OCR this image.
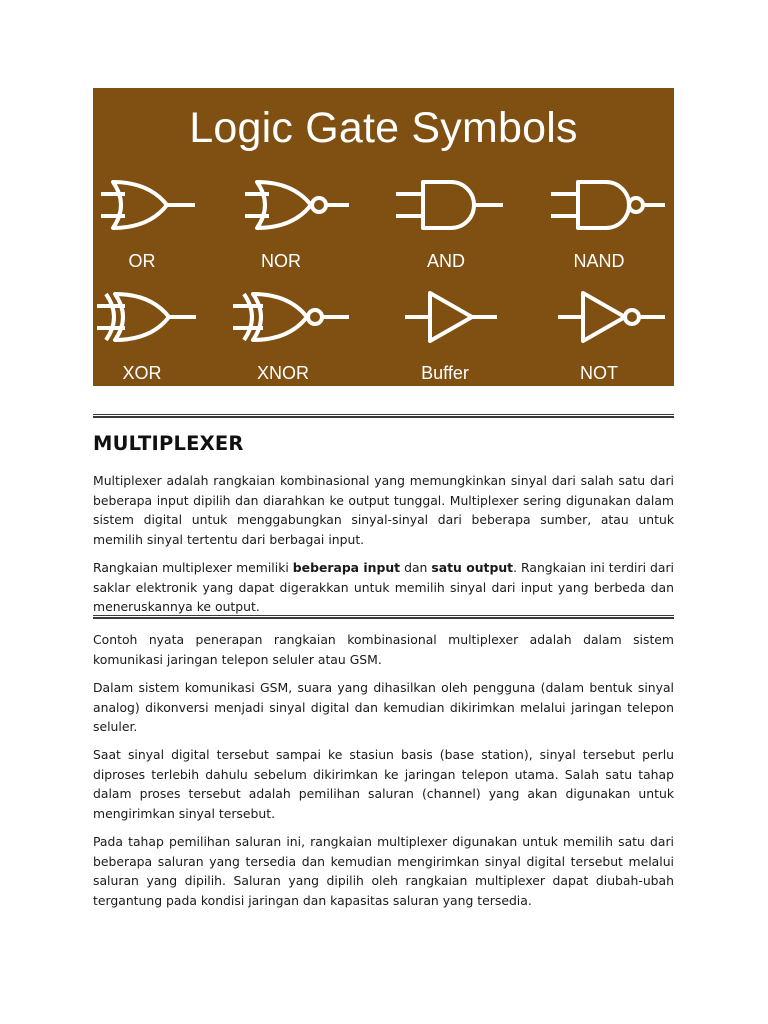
Logic Gate Symbols
OR	NOR	AND	NAND
XOR	XNOR	Buffer	NOT
MULTIPLEXER

Multiplexer adalah rangkaian kombinasional yang memungkinkan sinyal dari salah satu dari beberapa input dipilih dan diarahkan ke output tunggal. Multiplexer sering digunakan dalam sistem digital untuk menggabungkan sinyal-sinyal dari beberapa sumber, atau untuk memilih sinyal tertentu dari berbagai input.

Rangkaian multiplexer memiliki beberapa input dan satu output. Rangkaian ini terdiri dari saklar elektronik yang dapat digerakkan untuk memilih sinyal dari input yang berbeda dan meneruskannya ke output.

Contoh nyata penerapan rangkaian kombinasional multiplexer adalah dalam sistem komunikasi jaringan telepon seluler atau GSM.

Dalam sistem komunikasi GSM, suara yang dihasilkan oleh pengguna (dalam bentuk sinyal analog) dikonversi menjadi sinyal digital dan kemudian dikirimkan melalui jaringan telepon seluler.

Saat sinyal digital tersebut sampai ke stasiun basis (base station), sinyal tersebut perlu diproses terlebih dahulu sebelum dikirimkan ke jaringan telepon utama. Salah satu tahap dalam proses tersebut adalah pemilihan saluran (channel) yang akan digunakan untuk mengirimkan sinyal tersebut.

Pada tahap pemilihan saluran ini, rangkaian multiplexer digunakan untuk memilih satu dari beberapa saluran yang tersedia dan kemudian mengirimkan sinyal digital tersebut melalui saluran yang dipilih. Saluran yang dipilih oleh rangkaian multiplexer dapat diubah-ubah tergantung pada kondisi jaringan dan kapasitas saluran yang tersedia.
